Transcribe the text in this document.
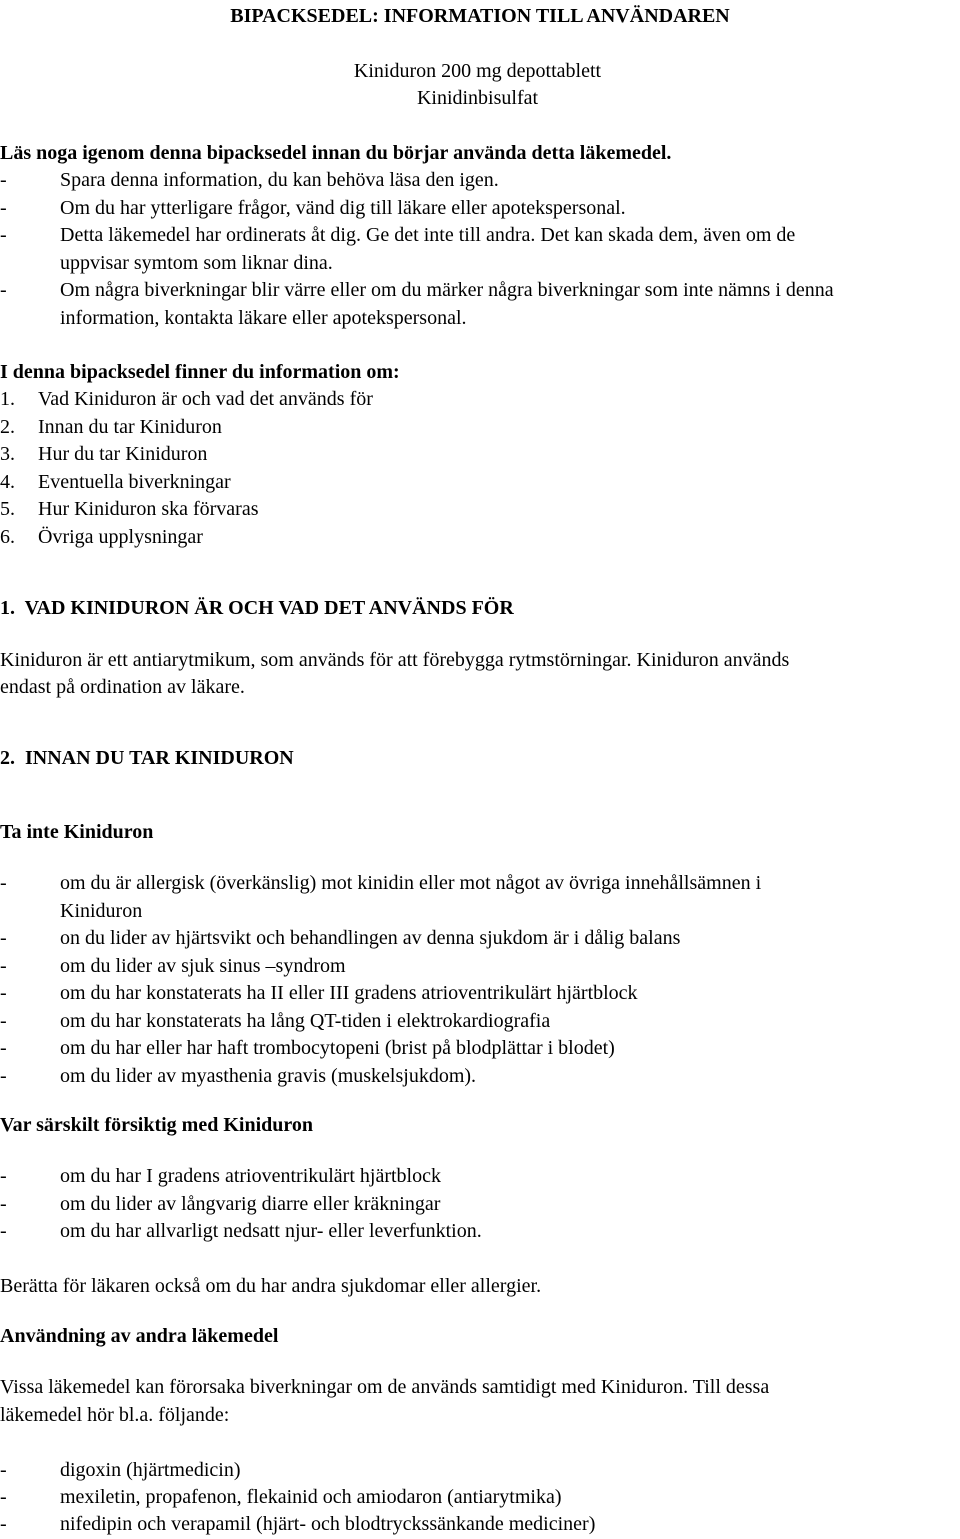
BIPACKSEDEL: INFORMATION TILL ANVÄNDAREN
Kiniduron 200 mg depottablett
Kinidinbisulfat
Läs noga igenom denna bipacksedel innan du börjar använda detta läkemedel.
-	Spara denna information, du kan behöva läsa den igen.
-	Om du har ytterligare frågor, vänd dig till läkare eller apotekspersonal.
-	Detta läkemedel har ordinerats åt dig. Ge det inte till andra. Det kan skada dem, även om de
uppvisar symtom som liknar dina.
-	Om några biverkningar blir värre eller om du märker några biverkningar som inte nämns i denna
information, kontakta läkare eller apotekspersonal.
I denna bipacksedel finner du information om:
1. Vad Kiniduron är och vad det används för
2. Innan du tar Kiniduron
3. Hur du tar Kiniduron
4. Eventuella biverkningar
5. Hur Kiniduron ska förvaras
6. Övriga upplysningar
1.  VAD KINIDURON ÄR OCH VAD DET ANVÄNDS FÖR
Kiniduron är ett antiarytmikum, som används för att förebygga rytmstörningar. Kiniduron används
endast på ordination av läkare.
2.  INNAN DU TAR KINIDURON
Ta inte Kiniduron
-	om du är allergisk (överkänslig) mot kinidin eller mot något av övriga innehållsämnen i
Kiniduron
-	on du lider av hjärtsvikt och behandlingen av denna sjukdom är i dålig balans
-	om du lider av sjuk sinus –syndrom
-	om du har konstaterats ha II eller III gradens atrioventrikulärt hjärtblock
-	om du har konstaterats ha lång QT-tiden i elektrokardiografia
-	om du har eller har haft trombocytopeni (brist på blodplättar i blodet)
-	om du lider av myasthenia gravis (muskelsjukdom).
Var särskilt försiktig med Kiniduron
-	om du har I gradens atrioventrikulärt hjärtblock
-	om du lider av långvarig diarre eller kräkningar
-	om du har allvarligt nedsatt njur- eller leverfunktion.
Berätta för läkaren också om du har andra sjukdomar eller allergier.
Användning av andra läkemedel
Vissa läkemedel kan förorsaka biverkningar om de används samtidigt med Kiniduron. Till dessa
läkemedel hör bl.a. följande:
-	digoxin (hjärtmedicin)
-	mexiletin, propafenon, flekainid och amiodaron (antiarytmika)
-	nifedipin och verapamil (hjärt- och blodtryckssänkande mediciner)
